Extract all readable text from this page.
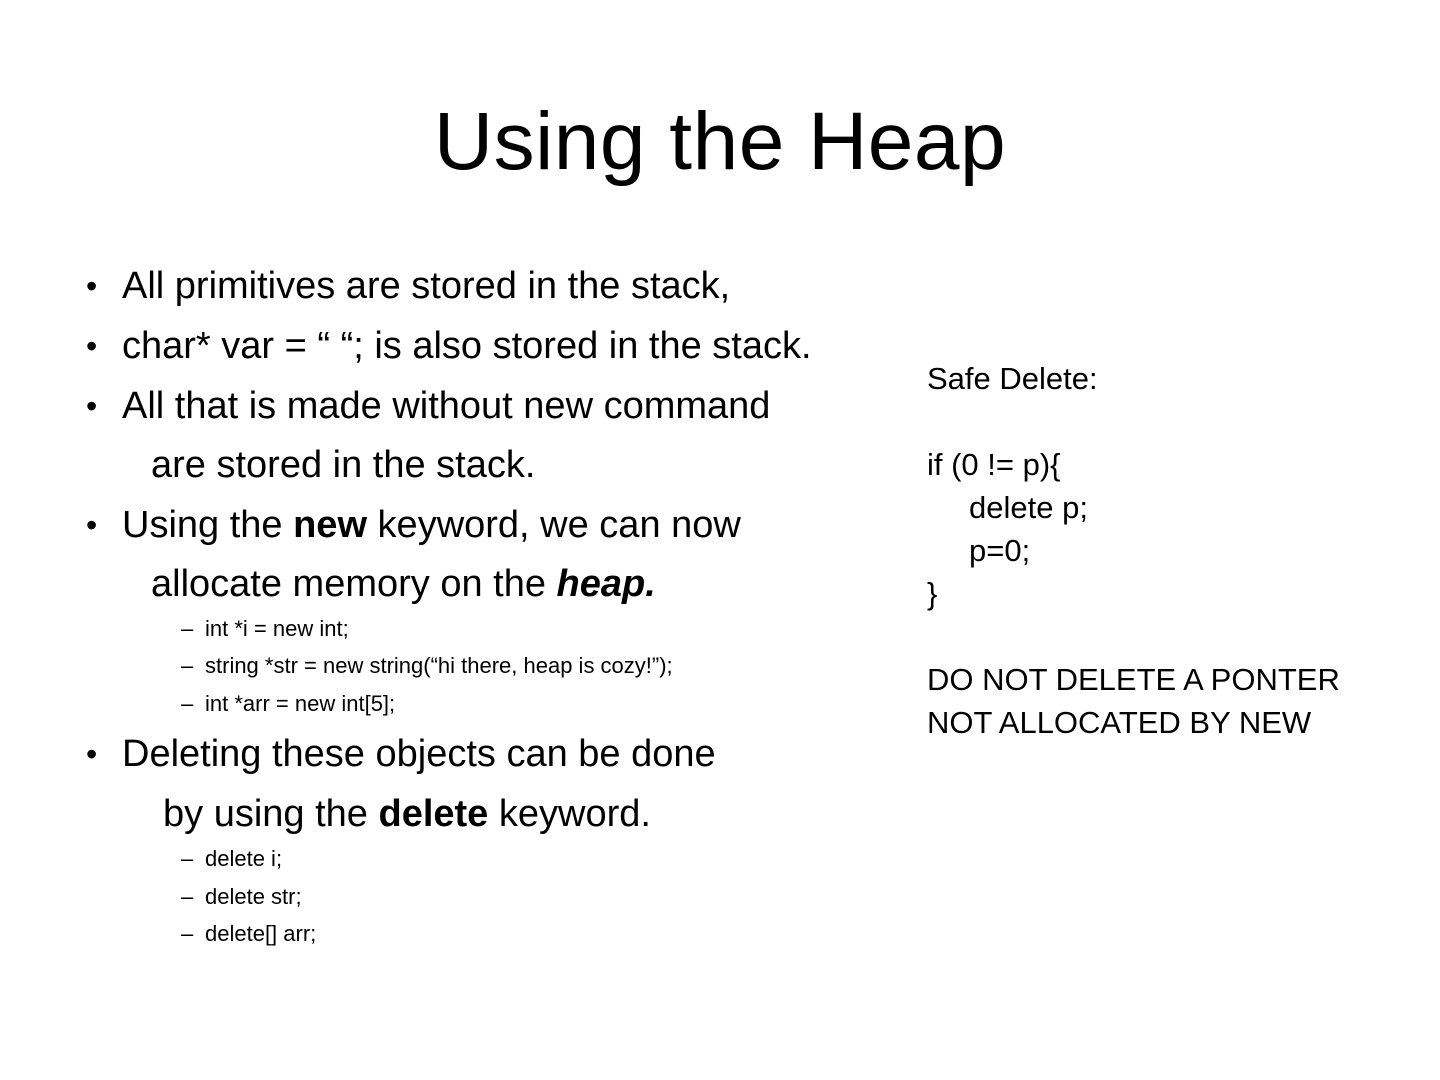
Using the Heap
• All primitives are stored in the stack,
• char* var = “ “; is also stored in the stack.
• All that is made without new command
are stored in the stack.
• Using the new keyword, we can now
allocate memory on the heap.
– int *i = new int;
– string *str = new string(“hi there, heap is cozy!”);
– int *arr = new int[5];
• Deleting these objects can be done
by using the delete keyword.
– delete i;
– delete str;
– delete[] arr;
Safe Delete:
if (0 != p){
delete p;
p=0;
}
DO NOT DELETE A PONTER
NOT ALLOCATED BY NEW
